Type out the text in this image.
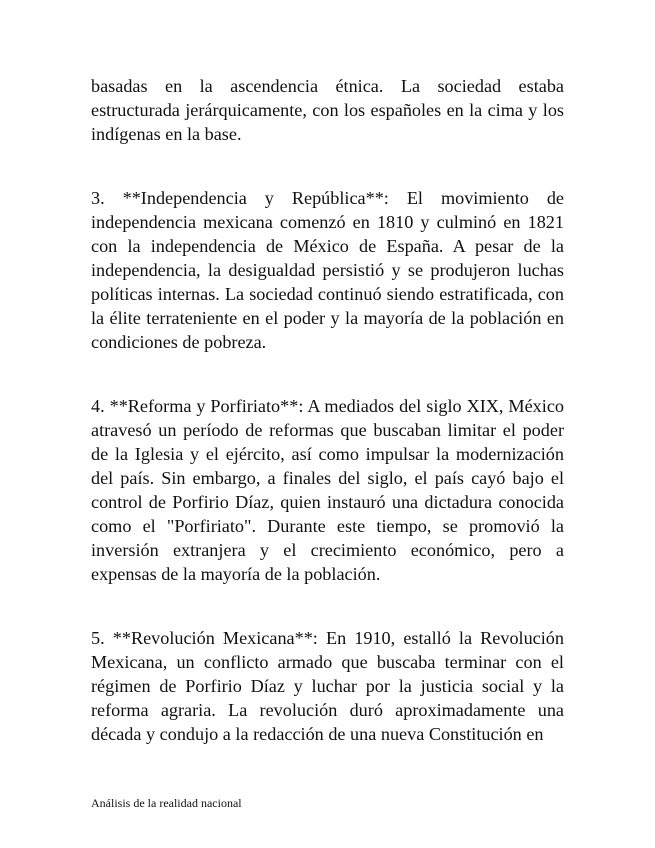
basadas en la ascendencia étnica. La sociedad estaba estructurada jerárquicamente, con los españoles en la cima y los indígenas en la base.

3. **Independencia y República**: El movimiento de independencia mexicana comenzó en 1810 y culminó en 1821 con la independencia de México de España. A pesar de la independencia, la desigualdad persistió y se produjeron luchas políticas internas. La sociedad continuó siendo estratificada, con la élite terrateniente en el poder y la mayoría de la población en condiciones de pobreza.

4. **Reforma y Porfiriato**: A mediados del siglo XIX, México atravesó un período de reformas que buscaban limitar el poder de la Iglesia y el ejército, así como impulsar la modernización del país. Sin embargo, a finales del siglo, el país cayó bajo el control de Porfirio Díaz, quien instauró una dictadura conocida como el "Porfiriato". Durante este tiempo, se promovió la inversión extranjera y el crecimiento económico, pero a expensas de la mayoría de la población.

5. **Revolución Mexicana**: En 1910, estalló la Revolución Mexicana, un conflicto armado que buscaba terminar con el régimen de Porfirio Díaz y luchar por la justicia social y la reforma agraria. La revolución duró aproximadamente una década y condujo a la redacción de una nueva Constitución en

Análisis de la realidad nacional
